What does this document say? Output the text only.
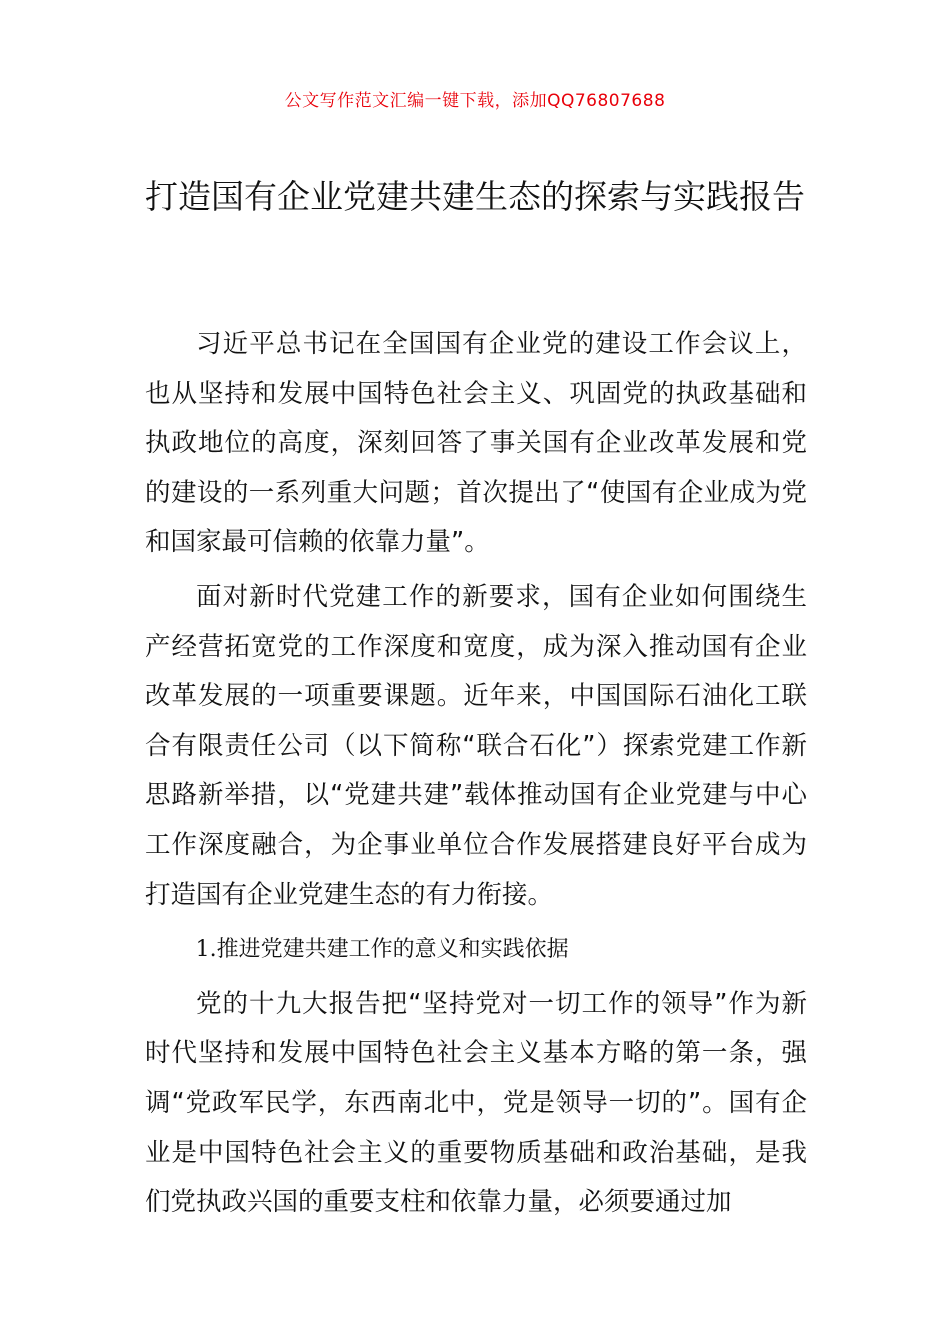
公文写作范文汇编一键下载，添加QQ76807688
打造国有企业党建共建生态的探索与实践报告

习近平总书记在全国国有企业党的建设工作会议上，也从坚持和发展中国特色社会主义、巩固党的执政基础和执政地位的高度，深刻回答了事关国有企业改革发展和党的建设的一系列重大问题；首次提出了“使国有企业成为党和国家最可信赖的依靠力量”。

面对新时代党建工作的新要求，国有企业如何围绕生产经营拓宽党的工作深度和宽度，成为深入推动国有企业改革发展的一项重要课题。近年来，中国国际石油化工联合有限责任公司（以下简称“联合石化”）探索党建工作新思路新举措，以“党建共建”载体推动国有企业党建与中心工作深度融合，为企事业单位合作发展搭建良好平台成为打造国有企业党建生态的有力衔接。

1.推进党建共建工作的意义和实践依据

党的十九大报告把“坚持党对一切工作的领导”作为新时代坚持和发展中国特色社会主义基本方略的第一条，强调“党政军民学，东西南北中，党是领导一切的”。国有企业是中国特色社会主义的重要物质基础和政治基础，是我们党执政兴国的重要支柱和依靠力量，必须要通过加
